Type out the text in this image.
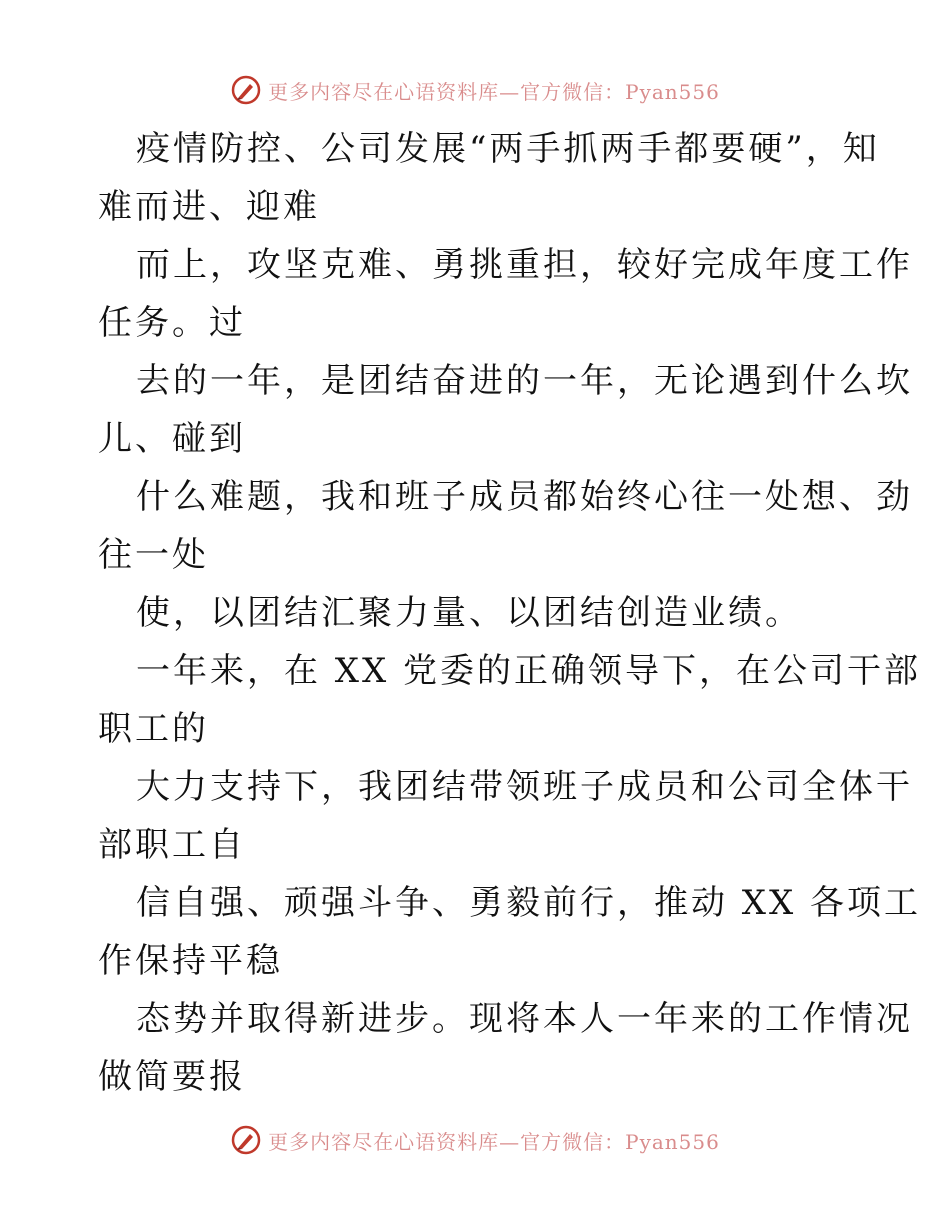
更多内容尽在心语资料库—官方微信：Pyan556
疫情防控、公司发展“两手抓两手都要硬”，知
难而进、迎难
而上，攻坚克难、勇挑重担，较好完成年度工作
任务。过
去的一年，是团结奋进的一年，无论遇到什么坎
儿、碰到
什么难题，我和班子成员都始终心往一处想、劲
往一处
使，以团结汇聚力量、以团结创造业绩。
一年来，在 XX 党委的正确领导下，在公司干部
职工的
大力支持下，我团结带领班子成员和公司全体干
部职工自
信自强、顽强斗争、勇毅前行，推动 XX 各项工
作保持平稳
态势并取得新进步。现将本人一年来的工作情况
做简要报
更多内容尽在心语资料库—官方微信：Pyan556
